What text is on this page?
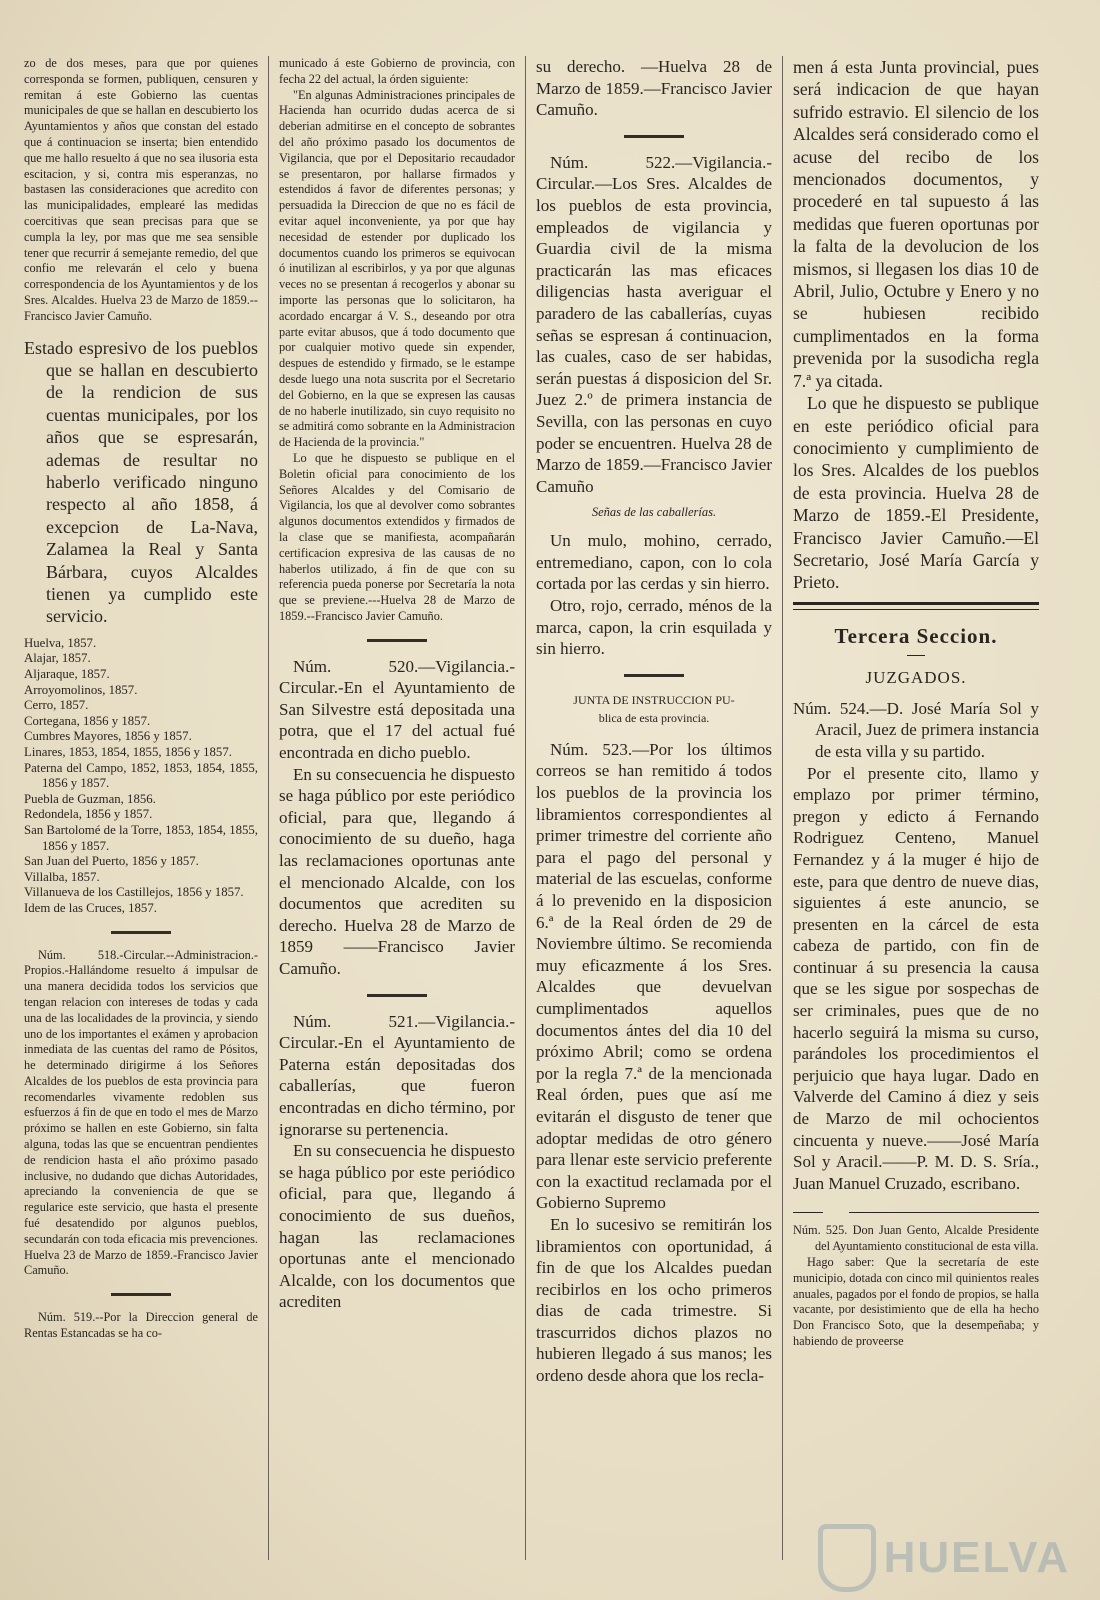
zo de dos meses, para que por quienes corresponda se formen, publiquen, censuren y remitan á este Gobierno las cuentas municipales de que se hallan en descubierto los Ayuntamientos y años que constan del estado que á continuacion se inserta; bien entendido que me hallo resuelto á que no sea ilusoria esta escitacion, y si, contra mis esperanzas, no bastasen las consideraciones que acredito con las municipalidades, emplearé las medidas coercitivas que sean precisas para que se cumpla la ley, por mas que me sea sensible tener que recurrir á semejante remedio, del que confio me relevarán el celo y buena correspondencia de los Ayuntamientos y de los Sres. Alcaldes. Huelva 23 de Marzo de 1859.--Francisco Javier Camuño.

Estado espresivo de los pueblos que se hallan en descubierto de la rendicion de sus cuentas municipales, por los años que se espresarán, ademas de resultar no haberlo verificado ninguno respecto al año 1858, á excepcion de La-Nava, Zalamea la Real y Santa Bárbara, cuyos Alcaldes tienen ya cumplido este servicio.

Huelva, 1857.
Alajar, 1857.
Aljaraque, 1857.
Arroyomolinos, 1857.
Cerro, 1857.
Cortegana, 1856 y 1857.
Cumbres Mayores, 1856 y 1857.
Linares, 1853, 1854, 1855, 1856 y 1857.
Paterna del Campo, 1852, 1853, 1854, 1855, 1856 y 1857.
Puebla de Guzman, 1856.
Redondela, 1856 y 1857.
San Bartolomé de la Torre, 1853, 1854, 1855, 1856 y 1857.
San Juan del Puerto, 1856 y 1857.
Villalba, 1857.
Villanueva de los Castillejos, 1856 y 1857.
Idem de las Cruces, 1857.

Núm. 518.-Circular.--Administracion.-Propios.-Hallándome resuelto á impulsar de una manera decidida todos los servicios que tengan relacion con intereses de todas y cada una de las localidades de la provincia, y siendo uno de los importantes el exámen y aprobacion inmediata de las cuentas del ramo de Pósitos, he determinado dirigirme á los Señores Alcaldes de los pueblos de esta provincia para recomendarles vivamente redoblen sus esfuerzos á fin de que en todo el mes de Marzo próximo se hallen en este Gobierno, sin falta alguna, todas las que se encuentran pendientes de rendicion hasta el año próximo pasado inclusive, no dudando que dichas Autoridades, apreciando la conveniencia de que se regularice este servicio, que hasta el presente fué desatendido por algunos pueblos, secundarán con toda eficacia mis prevenciones. Huelva 23 de Marzo de 1859.-Francisco Javier Camuño.

Núm. 519.--Por la Direccion general de Rentas Estancadas se ha co-

municado á este Gobierno de provincia, con fecha 22 del actual, la órden siguiente:

"En algunas Administraciones principales de Hacienda han ocurrido dudas acerca de si deberian admitirse en el concepto de sobrantes del año próximo pasado los documentos de Vigilancia, que por el Depositario recaudador se presentaron, por hallarse firmados y estendidos á favor de diferentes personas; y persuadida la Direccion de que no es fácil de evitar aquel inconveniente, ya por que hay necesidad de estender por duplicado los documentos cuando los primeros se equivocan ó inutilizan al escribirlos, y ya por que algunas veces no se presentan á recogerlos y abonar su importe las personas que lo solicitaron, ha acordado encargar á V. S., deseando por otra parte evitar abusos, que á todo documento que por cualquier motivo quede sin expender, despues de estendido y firmado, se le estampe desde luego una nota suscrita por el Secretario del Gobierno, en la que se expresen las causas de no haberle inutilizado, sin cuyo requisito no se admitirá como sobrante en la Administracion de Hacienda de la provincia."

Lo que he dispuesto se publique en el Boletin oficial para conocimiento de los Señores Alcaldes y del Comisario de Vigilancia, los que al devolver como sobrantes algunos documentos extendidos y firmados de la clase que se manifiesta, acompañarán certificacion expresiva de las causas de no haberlos utilizado, á fin de que con su referencia pueda ponerse por Secretaría la nota que se previene.---Huelva 28 de Marzo de 1859.--Francisco Javier Camuño.

Núm. 520.—Vigilancia.-Circular.-En el Ayuntamiento de San Silvestre está depositada una potra, que el 17 del actual fué encontrada en dicho pueblo.

En su consecuencia he dispuesto se haga público por este periódico oficial, para que, llegando á conocimiento de su dueño, haga las reclamaciones oportunas ante el mencionado Alcalde, con los documentos que acrediten su derecho. Huelva 28 de Marzo de 1859 ——Francisco Javier Camuño.

Núm. 521.—Vigilancia.-Circular.-En el Ayuntamiento de Paterna están depositadas dos caballerías, que fueron encontradas en dicho término, por ignorarse su pertenencia.

En su consecuencia he dispuesto se haga público por este periódico oficial, para que, llegando á conocimiento de sus dueños, hagan las reclamaciones oportunas ante el mencionado Alcalde, con los documentos que acrediten

su derecho. —Huelva 28 de Marzo de 1859.—Francisco Javier Camuño.

Núm. 522.—Vigilancia.-Circular.—Los Sres. Alcaldes de los pueblos de esta provincia, empleados de vigilancia y Guardia civil de la misma practicarán las mas eficaces diligencias hasta averiguar el paradero de las caballerías, cuyas señas se espresan á continuacion, las cuales, caso de ser habidas, serán puestas á disposicion del Sr. Juez 2.º de primera instancia de Sevilla, con las personas en cuyo poder se encuentren. Huelva 28 de Marzo de 1859.—Francisco Javier Camuño

Señas de las caballerías.

Un mulo, mohino, cerrado, entremediano, capon, con lo cola cortada por las cerdas y sin hierro.

Otro, rojo, cerrado, ménos de la marca, capon, la crin esquilada y sin hierro.

JUNTA DE INSTRUCCION PU-
blica de esta provincia.

Núm. 523.—Por los últimos correos se han remitido á todos los pueblos de la provincia los libramientos correspondientes al primer trimestre del corriente año para el pago del personal y material de las escuelas, conforme á lo prevenido en la disposicion 6.ª de la Real órden de 29 de Noviembre último. Se recomienda muy eficazmente á los Sres. Alcaldes que devuelvan cumplimentados aquellos documentos ántes del dia 10 del próximo Abril; como se ordena por la regla 7.ª de la mencionada Real órden, pues que así me evitarán el disgusto de tener que adoptar medidas de otro género para llenar este servicio preferente con la exactitud reclamada por el Gobierno Supremo

En lo sucesivo se remitirán los libramientos con oportunidad, á fin de que los Alcaldes puedan recibirlos en los ocho primeros dias de cada trimestre. Si trascurridos dichos plazos no hubieren llegado á sus manos; les ordeno desde ahora que los recla-

men á esta Junta provincial, pues será indicacion de que hayan sufrido estravio. El silencio de los Alcaldes será considerado como el acuse del recibo de los mencionados documentos, y procederé en tal supuesto á las medidas que fueren oportunas por la falta de la devolucion de los mismos, si llegasen los dias 10 de Abril, Julio, Octubre y Enero y no se hubiesen recibido cumplimentados en la forma prevenida por la susodicha regla 7.ª ya citada.

Lo que he dispuesto se publique en este periódico oficial para conocimiento y cumplimiento de los Sres. Alcaldes de los pueblos de esta provincia. Huelva 28 de Marzo de 1859.-El Presidente, Francisco Javier Camuño.—El Secretario, José María García y Prieto.

Tercera Seccion.
JUZGADOS.

Núm. 524.—D. José María Sol y Aracil, Juez de primera instancia de esta villa y su partido.

Por el presente cito, llamo y emplazo por primer término, pregon y edicto á Fernando Rodriguez Centeno, Manuel Fernandez y á la muger é hijo de este, para que dentro de nueve dias, siguientes á este anuncio, se presenten en la cárcel de esta cabeza de partido, con fin de continuar á su presencia la causa que se les sigue por sospechas de ser criminales, pues que de no hacerlo seguirá la misma su curso, parándoles los procedimientos el perjuicio que haya lugar. Dado en Valverde del Camino á diez y seis de Marzo de mil ochocientos cincuenta y nueve.——José María Sol y Aracil.——P. M. D. S. Sría., Juan Manuel Cruzado, escribano.

Núm. 525. Don Juan Gento, Alcalde Presidente del Ayuntamiento constitucional de esta villa.

Hago saber: Que la secretaría de este municipio, dotada con cinco mil quinientos reales anuales, pagados por el fondo de propios, se halla vacante, por desistimiento que de ella ha hecho Don Francisco Soto, que la desempeñaba; y habiendo de proveerse

HUELVA
